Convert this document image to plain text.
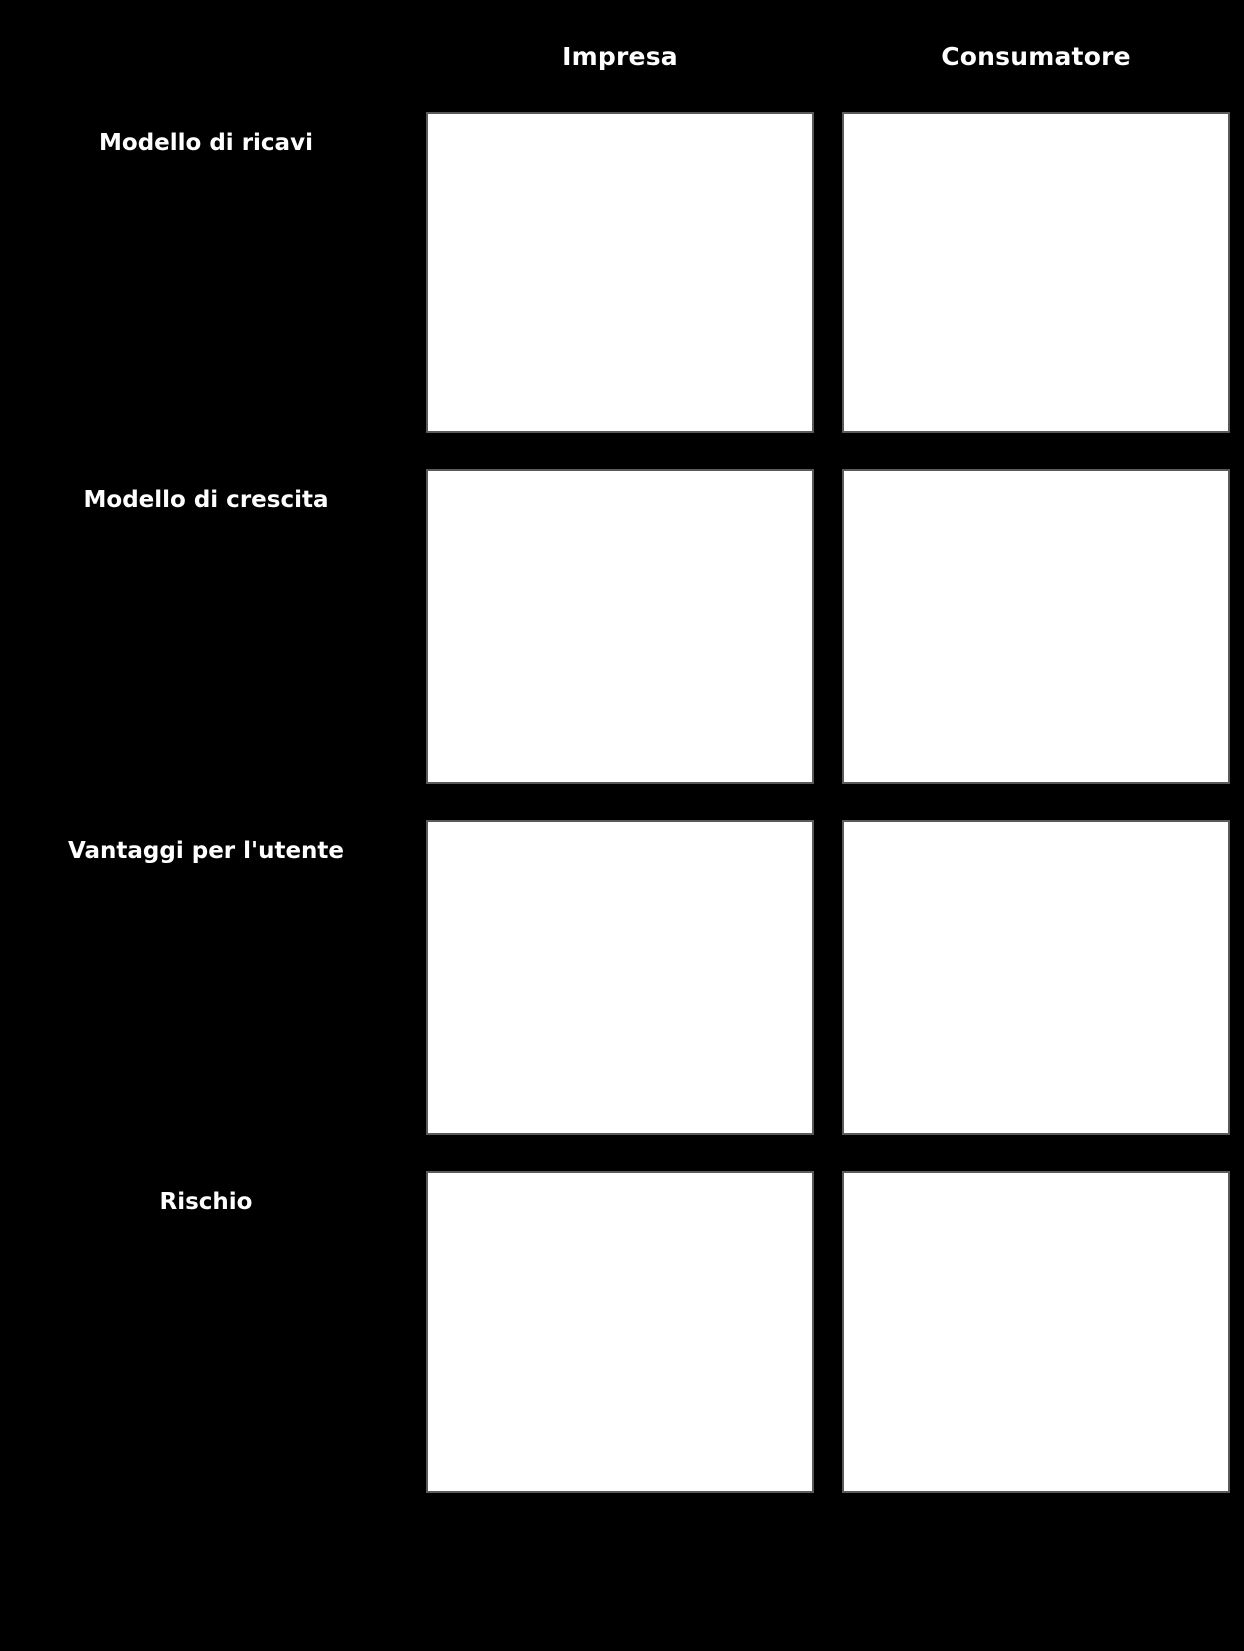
	Impresa	Consumatore
Modello di ricavi	

Modello di crescita	

Vantaggi per l'utente	

Rischio	
